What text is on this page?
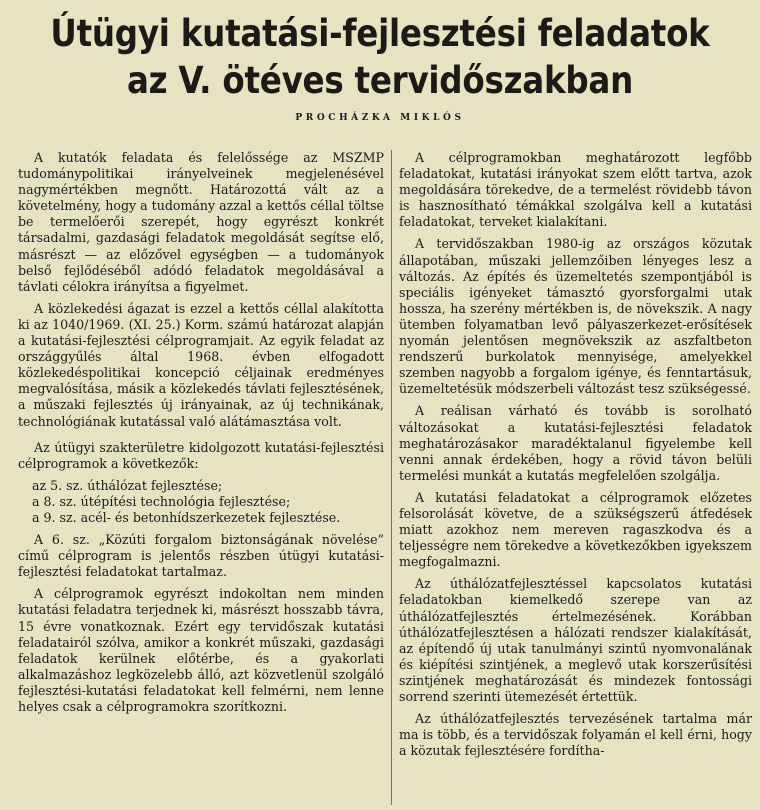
Útügyi kutatási-fejlesztési feladatok
az V. ötéves tervidőszakban
PROCHÁZKA MIKLÓS

A kutatók feladata és felelőssége az MSZMP tudománypolitikai irányelveinek megjelenésével nagymértékben megnőtt. Határozottá vált az a követelmény, hogy a tudomány azzal a kettős céllal töltse be termelőerői szerepét, hogy egyrészt konkrét társadalmi, gazdasági feladatok megoldását segítse elő, másrészt — az előzővel egységben — a tudományok belső fejlődéséből adódó feladatok megoldásával a távlati célokra irányítsa a figyelmet.

A közlekedési ágazat is ezzel a kettős céllal alakította ki az 1040/1969. (XI. 25.) Korm. számú határozat alapján a kutatási-fejlesztési célprogramjait. Az egyik feladat az országgyűlés által 1968. évben elfogadott közlekedéspolitikai koncepció céljainak eredményes megvalósítása, másik a közlekedés távlati fejlesztésének, a műszaki fejlesztés új irányainak, az új technikának, technológiának kutatással való alátámasztása volt.

Az útügyi szakterületre kidolgozott kutatási-fejlesztési célprogramok a következők:

az 5. sz. úthálózat fejlesztése;

a 8. sz. útépítési technológia fejlesztése;

a 9. sz. acél- és betonhídszerkezetek fejlesztése.

A 6. sz. „Közúti forgalom biztonságának növelése” című célprogram is jelentős részben útügyi kutatási-fejlesztési feladatokat tartalmaz.

A célprogramok egyrészt indokoltan nem minden kutatási feladatra terjednek ki, másrészt hosszabb távra, 15 évre vonatkoznak. Ezért egy tervidőszak kutatási feladatairól szólva, amikor a konkrét műszaki, gazdasági feladatok kerülnek előtérbe, és a gyakorlati alkalmazáshoz legközelebb álló, azt közvetlenül szolgáló fejlesztési-kutatási feladatokat kell felmérni, nem lenne helyes csak a célprogramokra szorítkozni.

A célprogramokban meghatározott legfőbb feladatokat, kutatási irányokat szem előtt tartva, azok megoldására törekedve, de a termelést rövidebb távon is hasznosítható témákkal szolgálva kell a kutatási feladatokat, terveket kialakítani.

A tervidőszakban 1980-ig az országos közutak állapotában, műszaki jellemzőiben lényeges lesz a változás. Az építés és üzemeltetés szempontjából is speciális igényeket támasztó gyorsforgalmi utak hossza, ha szerény mértékben is, de növekszik. A nagy ütemben folyamatban levő pályaszerkezet-erősítések nyomán jelentősen megnövekszik az aszfaltbeton rendszerű burkolatok mennyisége, amelyekkel szemben nagyobb a forgalom igénye, és fenntartásuk, üzemeltetésük módszerbeli változást tesz szükségessé.

A reálisan várható és tovább is sorolható változásokat a kutatási-fejlesztési feladatok meghatározásakor maradéktalanul figyelembe kell venni annak érdekében, hogy a rövid távon belüli termelési munkát a kutatás megfelelően szolgálja.

A kutatási feladatokat a célprogramok előzetes felsorolását követve, de a szükségszerű átfedések miatt azokhoz nem mereven ragaszkodva és a teljességre nem törekedve a következőkben igyekszem megfogalmazni.

Az úthálózatfejlesztéssel kapcsolatos kutatási feladatokban kiemelkedő szerepe van az úthálózatfejlesztés értelmezésének. Korábban úthálózatfejlesztésen a hálózati rendszer kialakítását, az építendő új utak tanulmányi szintű nyomvonalának és kiépítési szintjének, a meglevő utak korszerűsítési szintjének meghatározását és mindezek fontossági sorrend szerinti ütemezését értettük.

Az úthálózatfejlesztés tervezésének tartalma már ma is több, és a tervidőszak folyamán el kell érni, hogy a közutak fejlesztésére fordítha-
